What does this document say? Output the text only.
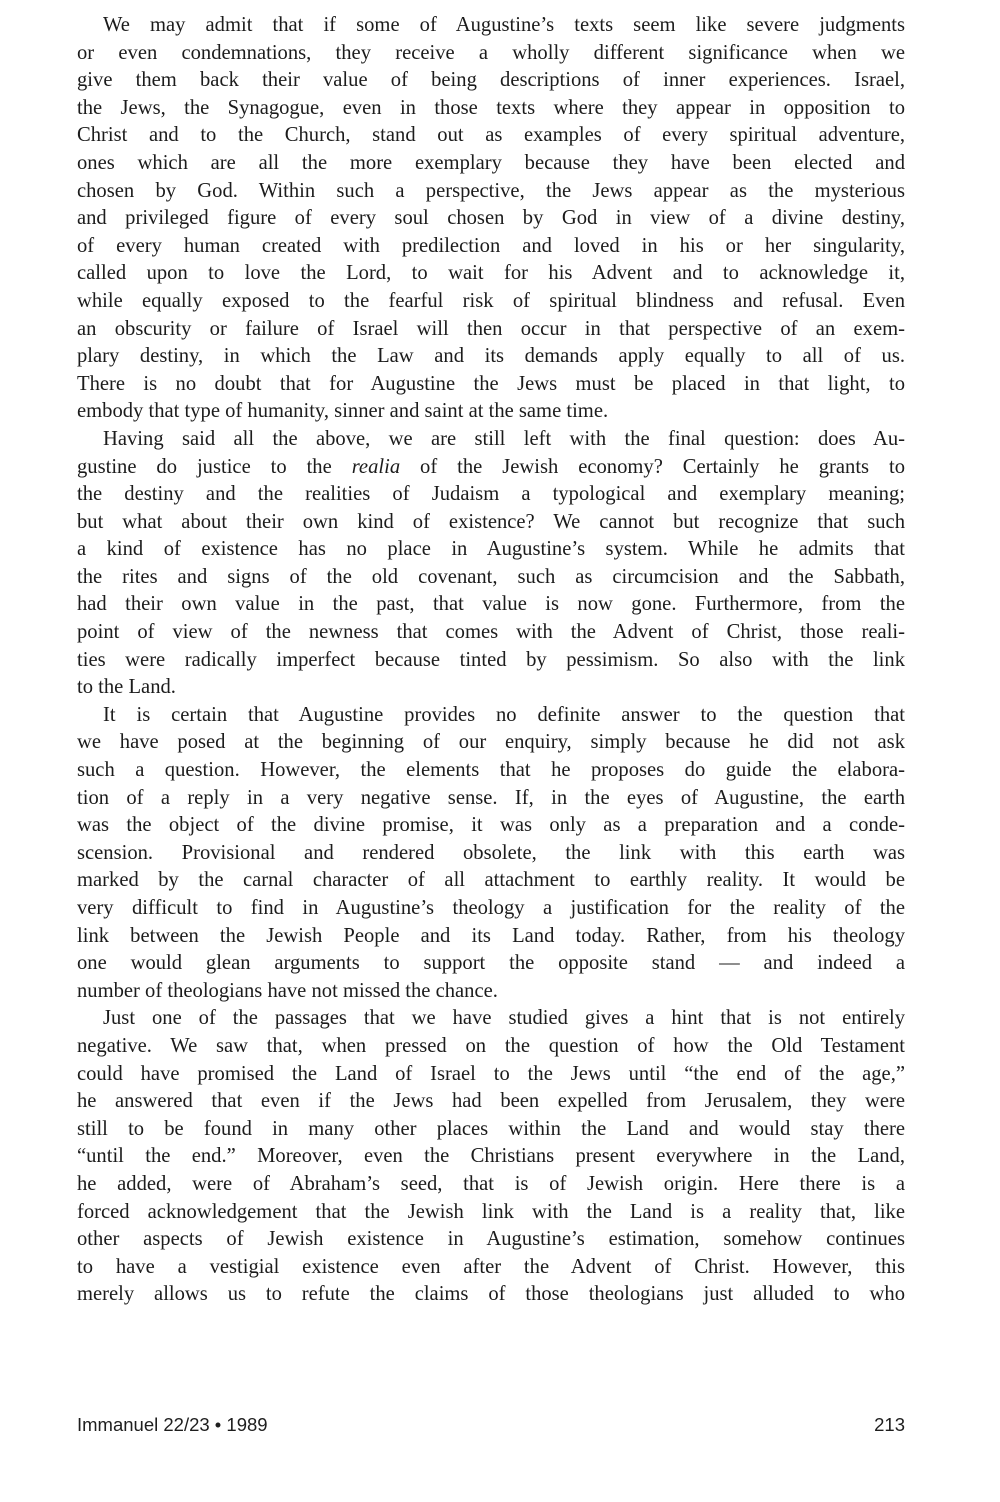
We may admit that if some of Augustine’s texts seem like severe judgments
or even condemnations, they receive a wholly different significance when we
give them back their value of being descriptions of inner experiences. Israel,
the Jews, the Synagogue, even in those texts where they appear in opposition to
Christ and to the Church, stand out as examples of every spiritual adventure,
ones which are all the more exemplary because they have been elected and
chosen by God. Within such a perspective, the Jews appear as the mysterious
and privileged figure of every soul chosen by God in view of a divine destiny,
of every human created with predilection and loved in his or her singularity,
called upon to love the Lord, to wait for his Advent and to acknowledge it,
while equally exposed to the fearful risk of spiritual blindness and refusal. Even
an obscurity or failure of Israel will then occur in that perspective of an exem-
plary destiny, in which the Law and its demands apply equally to all of us.
There is no doubt that for Augustine the Jews must be placed in that light, to
embody that type of humanity, sinner and saint at the same time.
Having said all the above, we are still left with the final question: does Au-
gustine do justice to the realia of the Jewish economy? Certainly he grants to
the destiny and the realities of Judaism a typological and exemplary meaning;
but what about their own kind of existence? We cannot but recognize that such
a kind of existence has no place in Augustine’s system. While he admits that
the rites and signs of the old covenant, such as circumcision and the Sabbath,
had their own value in the past, that value is now gone. Furthermore, from the
point of view of the newness that comes with the Advent of Christ, those reali-
ties were radically imperfect because tinted by pessimism. So also with the link
to the Land.
It is certain that Augustine provides no definite answer to the question that
we have posed at the beginning of our enquiry, simply because he did not ask
such a question. However, the elements that he proposes do guide the elabora-
tion of a reply in a very negative sense. If, in the eyes of Augustine, the earth
was the object of the divine promise, it was only as a preparation and a conde-
scension. Provisional and rendered obsolete, the link with this earth was
marked by the carnal character of all attachment to earthly reality. It would be
very difficult to find in Augustine’s theology a justification for the reality of the
link between the Jewish People and its Land today. Rather, from his theology
one would glean arguments to support the opposite stand — and indeed a
number of theologians have not missed the chance.
Just one of the passages that we have studied gives a hint that is not entirely
negative. We saw that, when pressed on the question of how the Old Testament
could have promised the Land of Israel to the Jews until “the end of the age,”
he answered that even if the Jews had been expelled from Jerusalem, they were
still to be found in many other places within the Land and would stay there
“until the end.” Moreover, even the Christians present everywhere in the Land,
he added, were of Abraham’s seed, that is of Jewish origin. Here there is a
forced acknowledgement that the Jewish link with the Land is a reality that, like
other aspects of Jewish existence in Augustine’s estimation, somehow continues
to have a vestigial existence even after the Advent of Christ. However, this
merely allows us to refute the claims of those theologians just alluded to who
Immanuel 22/23 • 1989	213
